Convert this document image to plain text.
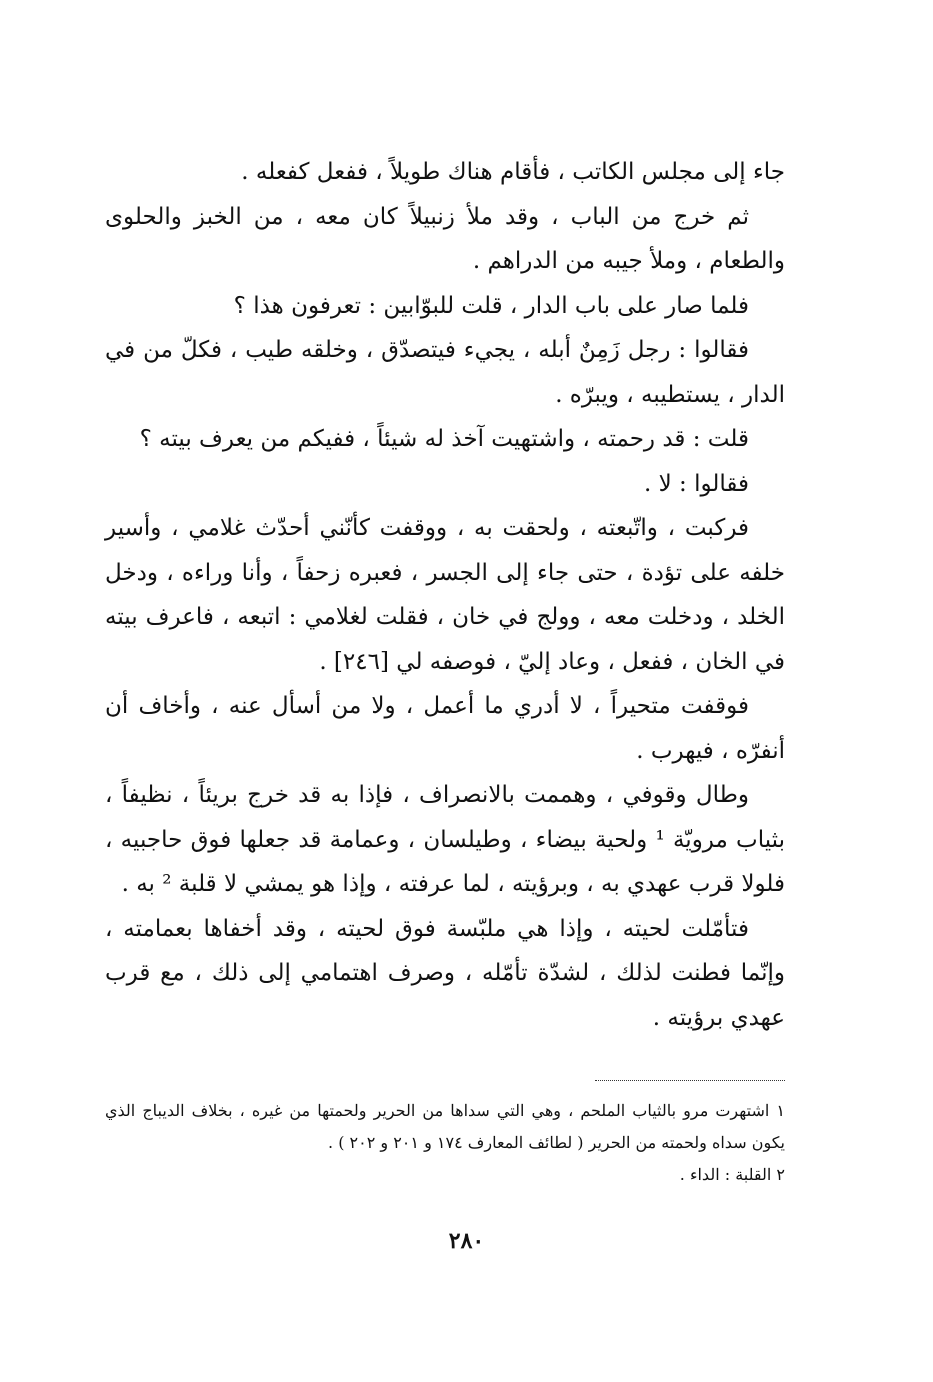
جاء إلى مجلس الكاتب ، فأقام هناك طويلاً ، ففعل كفعله .

ثم خرج من الباب ، وقد ملأ زنبيلاً كان معه ، من الخبز والحلوى والطعام ، وملأ جيبه من الدراهم .

فلما صار على باب الدار ، قلت للبوّابين : تعرفون هذا ؟

فقالوا : رجل زَمِنٌ أبله ، يجيء فيتصدّق ، وخلقه طيب ، فكلّ من في الدار ، يستطيبه ، ويبرّه .

قلت : قد رحمته ، واشتهيت آخذ له شيئاً ، ففيكم من يعرف بيته ؟

فقالوا : لا .

فركبت ، واتّبعته ، ولحقت به ، ووقفت كأنّني أحدّث غلامي ، وأسير خلفه على تؤدة ، حتى جاء إلى الجسر ، فعبره زحفاً ، وأنا وراءه ، ودخل الخلد ، ودخلت معه ، وولج في خان ، فقلت لغلامي : اتبعه ، فاعرف بيته في الخان ، ففعل ، وعاد إليّ ، فوصفه لي [٢٤٦] .

فوقفت متحيراً ، لا أدري ما أعمل ، ولا من أسأل عنه ، وأخاف أن أنفرّه ، فيهرب .

وطال وقوفي ، وهممت بالانصراف ، فإذا به قد خرج بريئاً ، نظيفاً ، بثياب مرويّة ¹ ولحية بيضاء ، وطيلسان ، وعمامة قد جعلها فوق حاجبيه ، فلولا قرب عهدي به ، وبرؤيته ، لما عرفته ، وإذا هو يمشي لا قلبة ² به .

فتأمّلت لحيته ، وإذا هي ملبّسة فوق لحيته ، وقد أخفاها بعمامته ، وإنّما فطنت لذلك ، لشدّة تأمّله ، وصرف اهتمامي إلى ذلك ، مع قرب عهدي برؤيته .

١ اشتهرت مرو بالثياب الملحم ، وهي التي سداها من الحرير ولحمتها من غيره ، بخلاف الديباج الذي يكون سداه ولحمته من الحرير ( لطائف المعارف ١٧٤ و ٢٠١ و ٢٠٢ ) .

٢ القلبة : الداء .

٢٨٠
